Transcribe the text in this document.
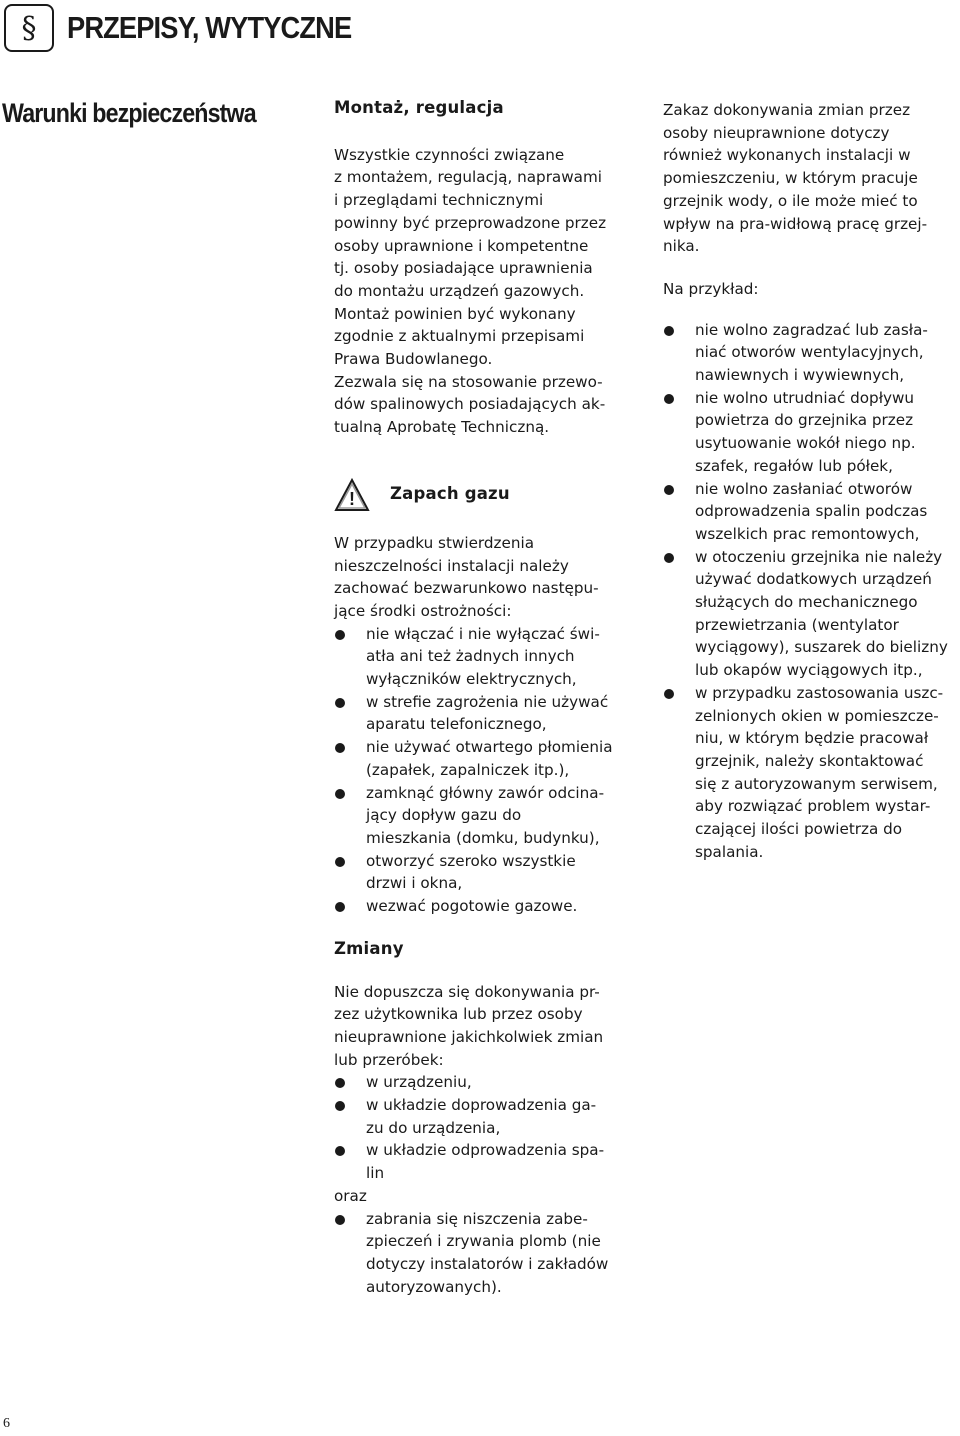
§ PRZEPISY, WYTYCZNE
Warunki bezpieczeństwa	Montaż, regulacja

Wszystkie czynności związane

z montażem, regulacją, naprawami

i przeglądami technicznymi

powinny być przeprowadzone przez

osoby uprawnione i kompetentne

tj. osoby posiadające uprawnienia

do montażu urządzeń gazowych.

Montaż powinien być wykonany

zgodnie z aktualnymi przepisami

Prawa Budowlanego.

Zezwala się na stosowanie przewo-

dów spalinowych posiadających ak-

tualną Aprobatę Techniczną.

! Zapach gazu

W przypadku stwierdzenia

nieszczelności instalacji należy

zachować bezwarunkowo następu-

jące środki ostrożności:

nie włączać i nie wyłączać świ-

atła ani też żadnych innych

wyłączników elektrycznych,

w strefie zagrożenia nie używać

aparatu telefonicznego,

nie używać otwartego płomienia

(zapałek, zapalniczek itp.),

zamknąć główny zawór odcina-

jący dopływ gazu do

mieszkania (domku, budynku),

otworzyć szeroko wszystkie

drzwi i okna,

wezwać pogotowie gazowe.

Zmiany

Nie dopuszcza się dokonywania pr-

zez użytkownika lub przez osoby

nieuprawnione jakichkolwiek zmian

lub przeróbek:

w urządzeniu,

w układzie doprowadzenia ga-

zu do urządzenia,

w układzie odprowadzenia spa-

lin

oraz

zabrania się niszczenia zabe-

zpieczeń i zrywania plomb (nie

dotyczy instalatorów i zakładów

autoryzowanych).

Zakaz dokonywania zmian przez

osoby nieuprawnione dotyczy

również wykonanych instalacji w

pomieszczeniu, w którym pracuje

grzejnik wody, o ile może mieć to

wpływ na pra-widłową pracę grzej-

nika.

Na przykład:

nie wolno zagradzać lub zasła-

niać otworów wentylacyjnych,

nawiewnych i wywiewnych,

nie wolno utrudniać dopływu

powietrza do grzejnika przez

usytuowanie wokół niego np.

szafek, regałów lub półek,

nie wolno zasłaniać otworów

odprowadzenia spalin podczas

wszelkich prac remontowych,

w otoczeniu grzejnika nie należy

używać dodatkowych urządzeń

służących do mechanicznego

przewietrzania (wentylator

wyciągowy), suszarek do bielizny

lub okapów wyciągowych itp.,

w przypadku zastosowania uszc-

zelnionych okien w pomieszcze-

niu, w którym będzie pracował

grzejnik, należy skontaktować

się z autoryzowanym serwisem,

aby rozwiązać problem wystar-

czającej ilości powietrza do

spalania.

6
